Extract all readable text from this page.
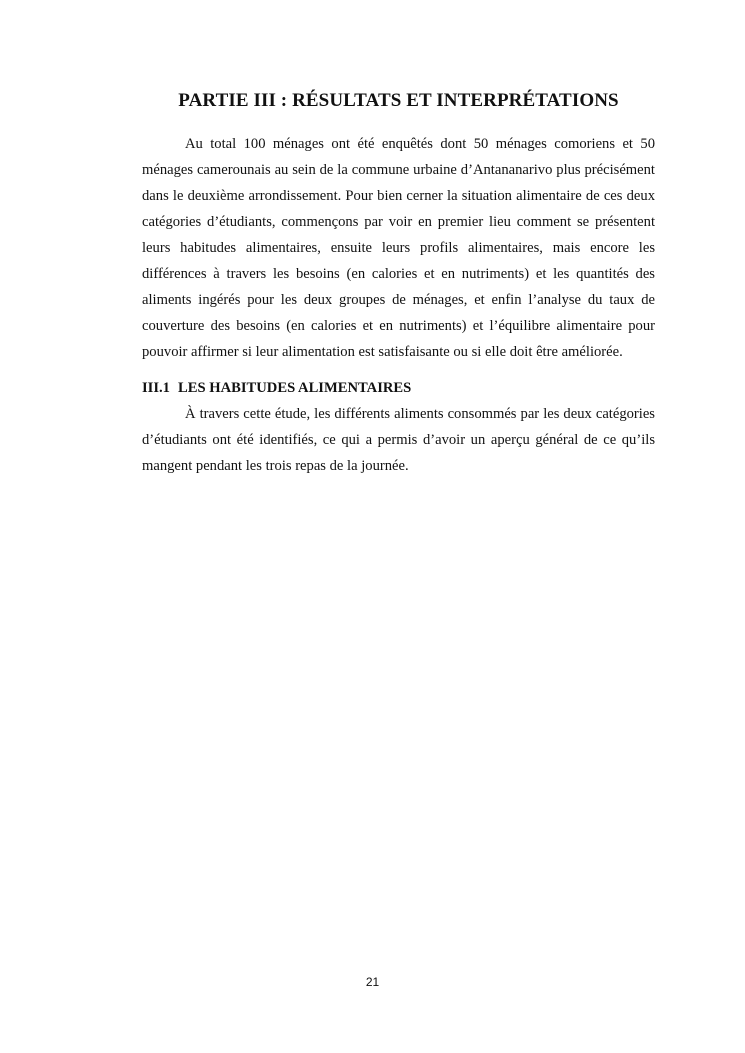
PARTIE III : RÉSULTATS ET INTERPRÉTATIONS

Au total 100 ménages ont été enquêtés dont 50 ménages comoriens et 50 ménages camerounais au sein de la commune urbaine d’Antananarivo plus précisément dans le deuxième arrondissement. Pour bien cerner la situation alimentaire de ces deux catégories d’étudiants, commençons par voir en premier lieu comment se présentent leurs habitudes alimentaires, ensuite leurs profils alimentaires, mais encore les différences à travers les besoins (en calories et en nutriments) et les quantités des aliments ingérés pour les deux groupes de ménages, et enfin l’analyse du taux de couverture des besoins (en calories et en nutriments) et l’équilibre alimentaire pour pouvoir affirmer si leur alimentation est satisfaisante ou si elle doit être améliorée.

III.1 LES HABITUDES ALIMENTAIRES

À travers cette étude, les différents aliments consommés par les deux catégories d’étudiants ont été identifiés, ce qui a permis d’avoir un aperçu général de ce qu’ils mangent pendant les trois repas de la journée.

21
